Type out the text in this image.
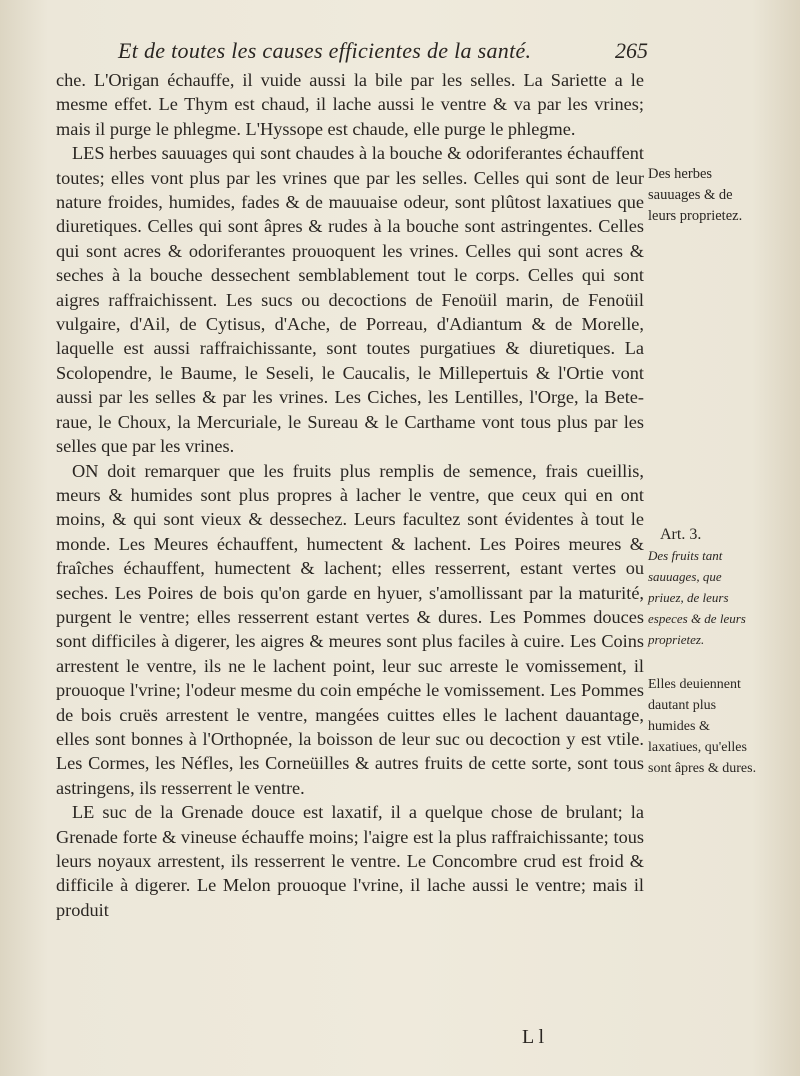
Et de toutes les causes efficientes de la santé.	265

che. L'Origan échauffe, il vuide aussi la bile par les selles. La Sariette a le mesme effet. Le Thym est chaud, il lache aussi le ventre & va par les vrines; mais il purge le phlegme. L'Hyssope est chaude, elle purge le phlegme.

LES herbes sauuages qui sont chaudes à la bouche & odoriferantes échauffent toutes; elles vont plus par les vrines que par les selles. Celles qui sont de leur nature froides, humides, fades & de mauuaise odeur, sont plûtost laxatiues que diuretiques. Celles qui sont âpres & rudes à la bouche sont astringentes. Celles qui sont acres & odoriferantes prouoquent les vrines. Celles qui sont acres & seches à la bouche dessechent semblablement tout le corps. Celles qui sont aigres raffraichissent. Les sucs ou decoctions de Fenoüil marin, de Fenoüil vulgaire, d'Ail, de Cytisus, d'Ache, de Porreau, d'Adiantum & de Morelle, laquelle est aussi raffraichissante, sont toutes purgatiues & diuretiques. La Scolopendre, le Baume, le Seseli, le Caucalis, le Millepertuis & l'Ortie vont aussi par les selles & par les vrines. Les Ciches, les Lentilles, l'Orge, la Bete-raue, le Choux, la Mercuriale, le Sureau & le Carthame vont tous plus par les selles que par les vrines.

ON doit remarquer que les fruits plus remplis de semence, frais cueillis, meurs & humides sont plus propres à lacher le ventre, que ceux qui en ont moins, & qui sont vieux & dessechez. Leurs facultez sont évidentes à tout le monde. Les Meures échauffent, humectent & lachent. Les Poires meures & fraîches échauffent, humectent & lachent; elles resserrent, estant vertes ou seches. Les Poires de bois qu'on garde en hyuer, s'amollissant par la maturité, purgent le ventre; elles resserrent estant vertes & dures. Les Pommes douces sont difficiles à digerer, les aigres & meures sont plus faciles à cuire. Les Coins arrestent le ventre, ils ne le lachent point, leur suc arreste le vomissement, il prouoque l'vrine; l'odeur mesme du coin empéche le vomissement. Les Pommes de bois cruës arrestent le ventre, mangées cuittes elles le lachent dauantage, elles sont bonnes à l'Orthopnée, la boisson de leur suc ou decoction y est vtile. Les Cormes, les Néfles, les Corneüilles & autres fruits de cette sorte, sont tous astringens, ils resserrent le ventre.

LE suc de la Grenade douce est laxatif, il a quelque chose de brulant; la Grenade forte & vineuse échauffe moins; l'aigre est la plus raffraichissante; tous leurs noyaux arrestent, ils resserrent le ventre. Le Concombre crud est froid & difficile à digerer. Le Melon prouoque l'vrine, il lache aussi le ventre; mais il produit

Des herbes sauuages & de leurs proprietez.
Art. 3.
Des fruits tant sauuages, que priuez, de leurs especes & de leurs proprietez.
Elles deuiennent dautant plus humides & laxatiues, qu'elles sont âpres & dures.
L l
